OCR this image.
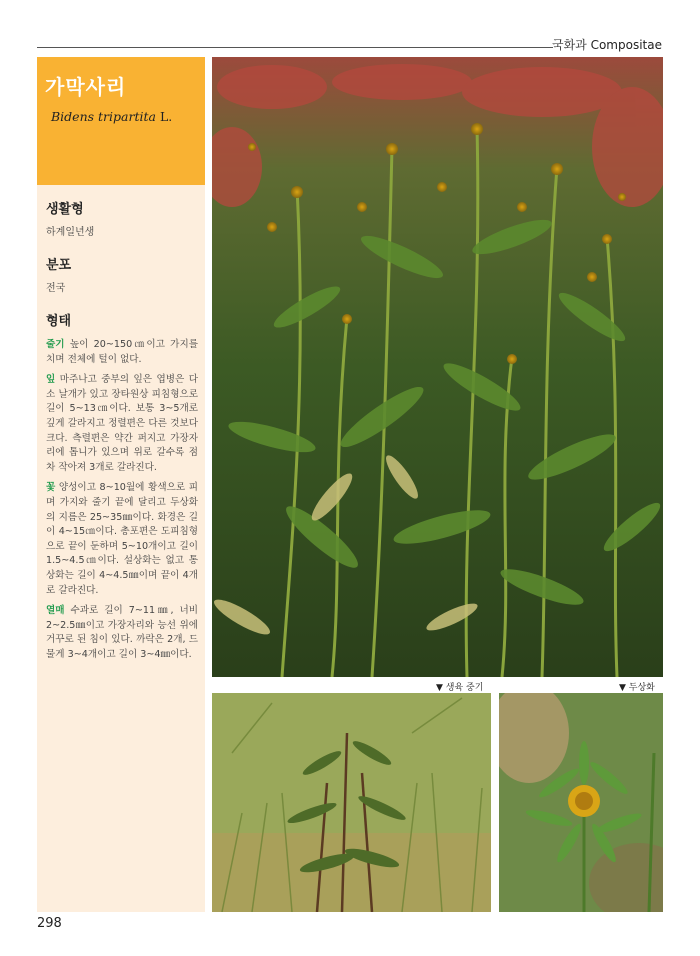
국화과 Compositae
가막사리
Bidens tripartita L.
생활형
하계일년생
분포
전국
형태

줄기 높이 20~150㎝이고 가지를 치며 전체에 털이 없다.

잎 마주나고 중부의 잎은 엽병은 다소 날개가 있고 장타원상 피침형으로 길이 5~13㎝이다. 보통 3~5개로 깊게 갈라지고 정렬편은 다른 것보다 크다. 측렬편은 약간 퍼지고 가장자리에 톱니가 있으며 위로 갈수록 점차 작아져 3개로 갈라진다.

꽃 양성이고 8~10월에 황색으로 피며 가지와 줄기 끝에 달리고 두상화의 지름은 25~35㎜이다. 화경은 길이 4~15㎝이다. 총포편은 도피침형으로 끝이 둔하며 5~10개이고 길이 1.5~4.5㎝이다. 설상화는 없고 통상화는 길이 4~4.5㎜이며 끝이 4개로 갈라진다.

열매 수과로 길이 7~11㎜, 너비 2~2.5㎜이고 가장자리와 능선 위에 거꾸로 된 침이 있다. 까락은 2개, 드물게 3~4개이고 길이 3~4㎜이다.

▼ 생육 중기	▼ 두상화
298
